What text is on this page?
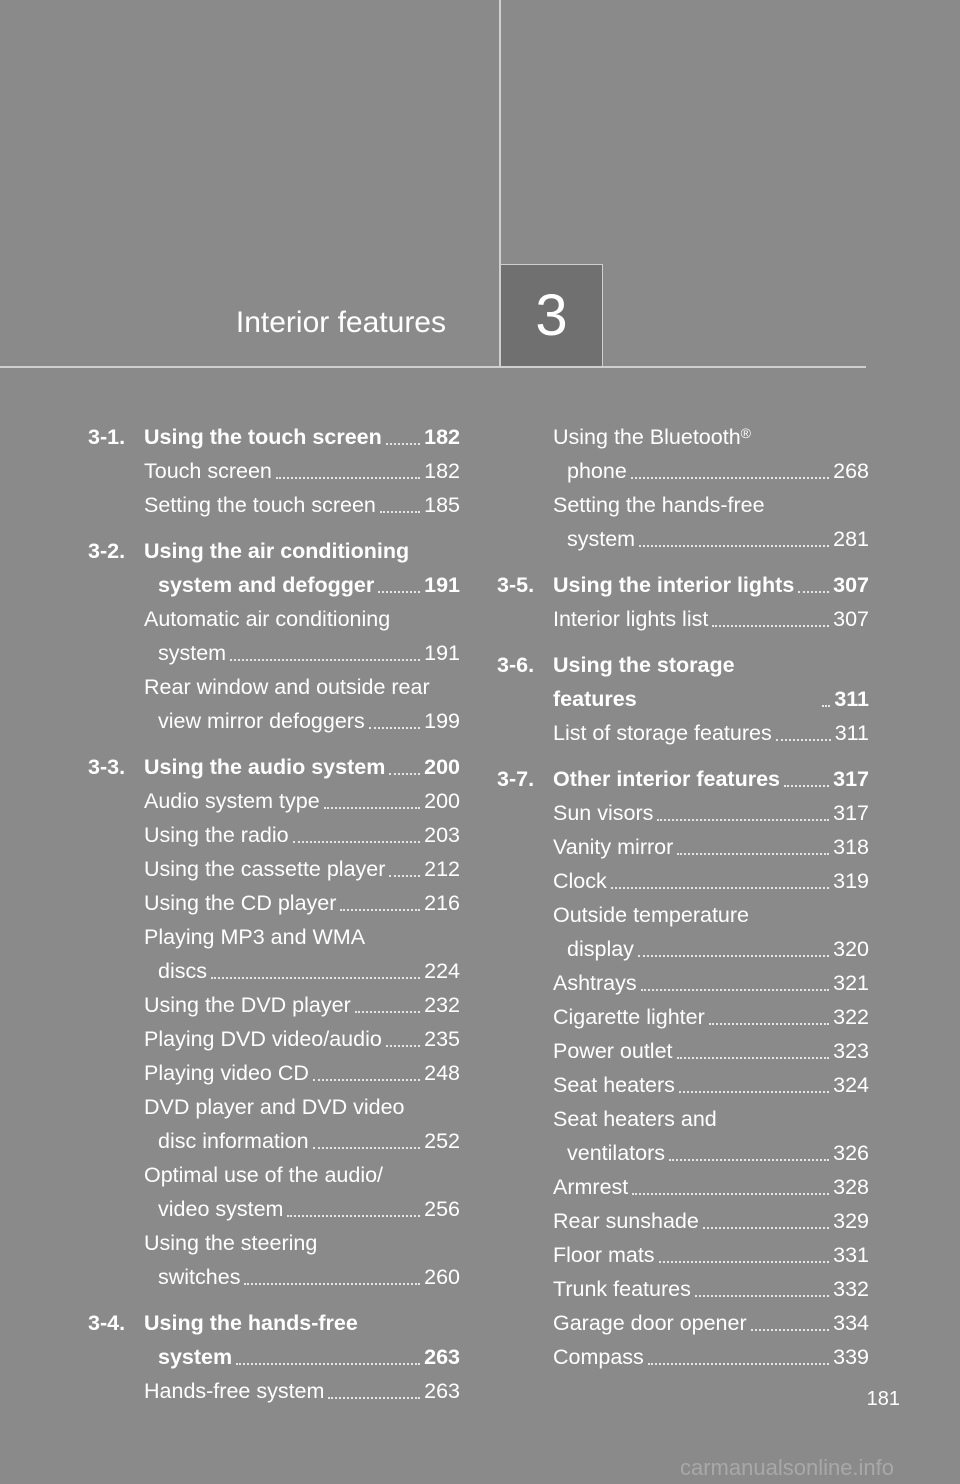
Interior features 3
3-1. Using the touch screen 182
Touch screen	182
Setting the touch screen 185
3-2. Using the air conditioning
system and defogger 191
Automatic air conditioning
system	191
Rear window and outside rear
view mirror defoggers	199
3-3. Using the audio system 200
Audio system type	200
Using the radio	203
Using the cassette player 212
Using the CD player	216
Playing MP3 and WMA
discs	224
Using the DVD player	232
Playing DVD video/audio 235
Playing video CD	248
DVD player and DVD video
disc information	252
Optimal use of the audio/
video system	256
Using the steering
switches	260
3-4. Using the hands-free
system	263
Hands-free system	263
Using the Bluetooth®
phone	268
Setting the hands-free
system	281
3-5. Using the interior lights 307
Interior lights list	307
3-6. Using the storage features	311
List of storage features	311
3-7. Other interior features 317
Sun visors	317
Vanity mirror	318
Clock	319
Outside temperature
display	320
Ashtrays	321
Cigarette lighter	322
Power outlet	323
Seat heaters	324
Seat heaters and
ventilators	326
Armrest	328
Rear sunshade	329
Floor mats	331
Trunk features	332
Garage door opener	334
Compass	339
181
carmanualsonline.info
